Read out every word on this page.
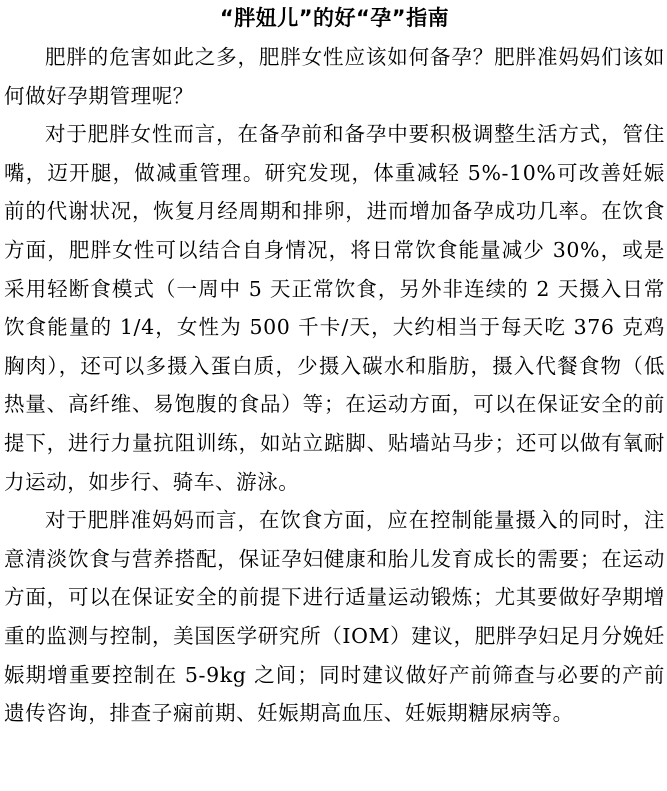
“胖妞儿”的好“孕”指南

肥胖的危害如此之多，肥胖女性应该如何备孕？肥胖准妈妈们该如何做好孕期管理呢？

对于肥胖女性而言，在备孕前和备孕中要积极调整生活方式，管住嘴，迈开腿，做减重管理。研究发现，体重减轻 5%-10%可改善妊娠前的代谢状况，恢复月经周期和排卵，进而增加备孕成功几率。在饮食方面，肥胖女性可以结合自身情况，将日常饮食能量减少 30%，或是采用轻断食模式（一周中 5 天正常饮食，另外非连续的 2 天摄入日常饮食能量的 1/4，女性为 500 千卡/天，大约相当于每天吃 376 克鸡胸肉），还可以多摄入蛋白质，少摄入碳水和脂肪，摄入代餐食物（低热量、高纤维、易饱腹的食品）等；在运动方面，可以在保证安全的前提下，进行力量抗阻训练，如站立踮脚、贴墙站马步；还可以做有氧耐力运动，如步行、骑车、游泳。

对于肥胖准妈妈而言，在饮食方面，应在控制能量摄入的同时，注意清淡饮食与营养搭配，保证孕妇健康和胎儿发育成长的需要；在运动方面，可以在保证安全的前提下进行适量运动锻炼；尤其要做好孕期增重的监测与控制，美国医学研究所（IOM）建议，肥胖孕妇足月分娩妊娠期增重要控制在 5-9kg 之间；同时建议做好产前筛查与必要的产前遗传咨询，排查子痫前期、妊娠期高血压、妊娠期糖尿病等。
